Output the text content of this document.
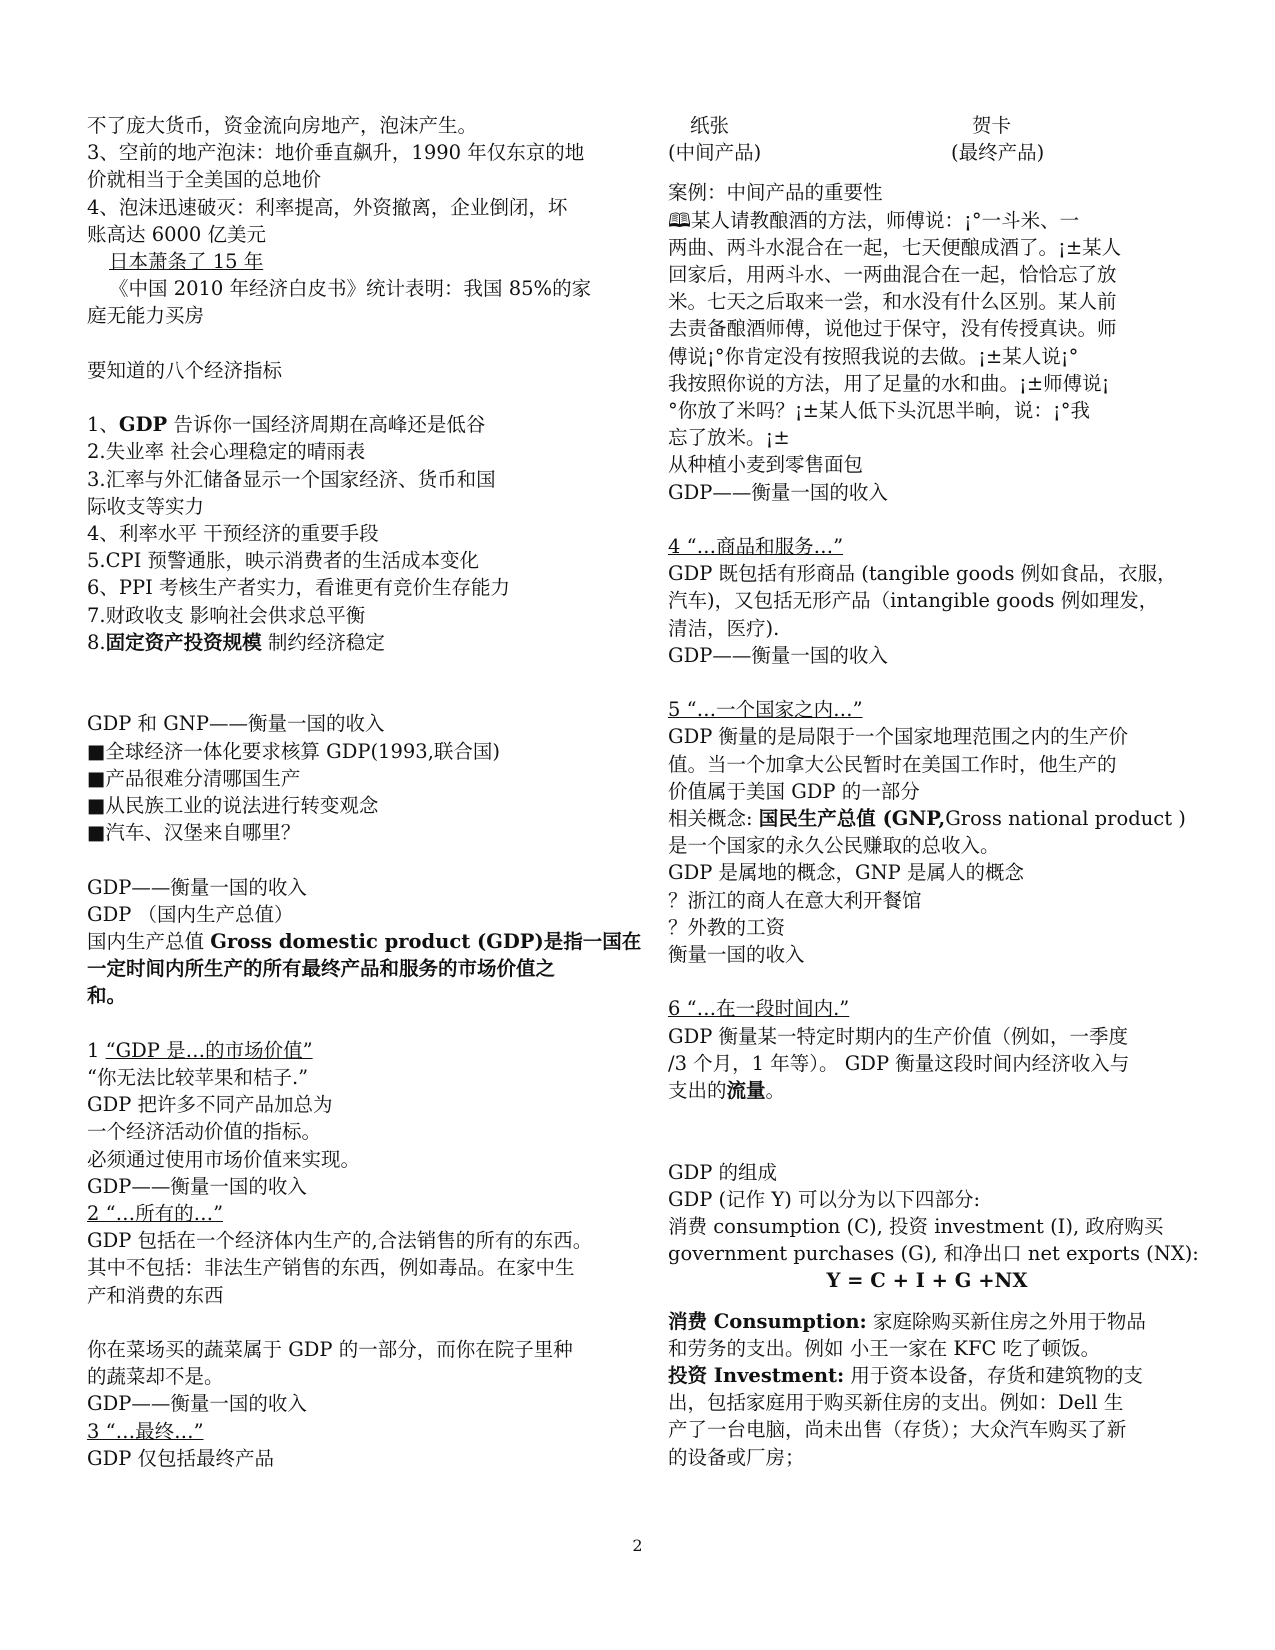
不了庞大货币，资金流向房地产，泡沫产生。
3、空前的地产泡沫：地价垂直飙升，1990 年仅东京的地
价就相当于全美国的总地价
4、泡沫迅速破灭：利率提高，外资撤离，企业倒闭，坏
账高达 6000 亿美元
日本萧条了 15 年
《中国 2010 年经济白皮书》统计表明：我国 85%的家
庭无能力买房
要知道的八个经济指标
1、GDP 告诉你一国经济周期在高峰还是低谷
2.失业率 社会心理稳定的晴雨表
3.汇率与外汇储备显示一个国家经济、货币和国
际收支等实力
4、利率水平 干预经济的重要手段
5.CPI 预警通胀，映示消费者的生活成本变化
6、PPI 考核生产者实力，看谁更有竞价生存能力
7.财政收支 影响社会供求总平衡
8.固定资产投资规模 制约经济稳定
GDP 和 GNP——衡量一国的收入
■全球经济一体化要求核算 GDP(1993,联合国)
■产品很难分清哪国生产
■从民族工业的说法进行转变观念
■汽车、汉堡来自哪里？
GDP——衡量一国的收入
GDP （国内生产总值）
国内生产总值 Gross domestic product (GDP)是指一国在
一定时间内所生产的所有最终产品和服务的市场价值之
和。
1 “GDP 是…的市场价值”
“你无法比较苹果和桔子.”
GDP 把许多不同产品加总为
一个经济活动价值的指标。
必须通过使用市场价值来实现。
GDP——衡量一国的收入
2 “…所有的…”
GDP 包括在一个经济体内生产的,合法销售的所有的东西。
其中不包括：非法生产销售的东西，例如毒品。在家中生
产和消费的东西
你在菜场买的蔬菜属于 GDP 的一部分，而你在院子里种
的蔬菜却不是。
GDP——衡量一国的收入
3 “…最终…”
GDP 仅包括最终产品
纸张	贺卡
(中间产品)	(最终产品)
案例：中间产品的重要性
🕮某人请教酿酒的方法，师傅说：¡°一斗米、一
两曲、两斗水混合在一起，七天便酿成酒了。¡±某人
回家后，用两斗水、一两曲混合在一起，恰恰忘了放
米。七天之后取来一尝，和水没有什么区别。某人前
去责备酿酒师傅，说他过于保守，没有传授真诀。师
傅说¡°你肯定没有按照我说的去做。¡±某人说¡°
我按照你说的方法，用了足量的水和曲。¡±师傅说¡
°你放了米吗？¡±某人低下头沉思半晌，说：¡°我
忘了放米。¡±
从种植小麦到零售面包
GDP——衡量一国的收入
4 “…商品和服务…”
GDP 既包括有形商品 (tangible goods 例如食品，衣服，
汽车)，又包括无形产品（intangible goods 例如理发，
清洁，医疗).
GDP——衡量一国的收入
5 “…一个国家之内…”
GDP 衡量的是局限于一个国家地理范围之内的生产价
值。当一个加拿大公民暂时在美国工作时，他生产的
价值属于美国 GDP 的一部分
相关概念: 国民生产总值 (GNP,Gross national product )
是一个国家的永久公民赚取的总收入。
GDP 是属地的概念，GNP 是属人的概念
？浙江的商人在意大利开餐馆
？外教的工资
衡量一国的收入
6 “…在一段时间内.”
GDP 衡量某一特定时期内的生产价值（例如，一季度
/3 个月，1 年等）。 GDP 衡量这段时间内经济收入与
支出的流量。
GDP 的组成
GDP (记作 Y) 可以分为以下四部分:
消费 consumption (C), 投资 investment (I), 政府购买
government purchases (G), 和净出口 net exports (NX):
Y = C + I + G +NX
消费 Consumption: 家庭除购买新住房之外用于物品
和劳务的支出。例如 小王一家在 KFC 吃了顿饭。
投资 Investment: 用于资本设备，存货和建筑物的支
出，包括家庭用于购买新住房的支出。例如：Dell 生
产了一台电脑，尚未出售（存货）；大众汽车购买了新
的设备或厂房；
2
